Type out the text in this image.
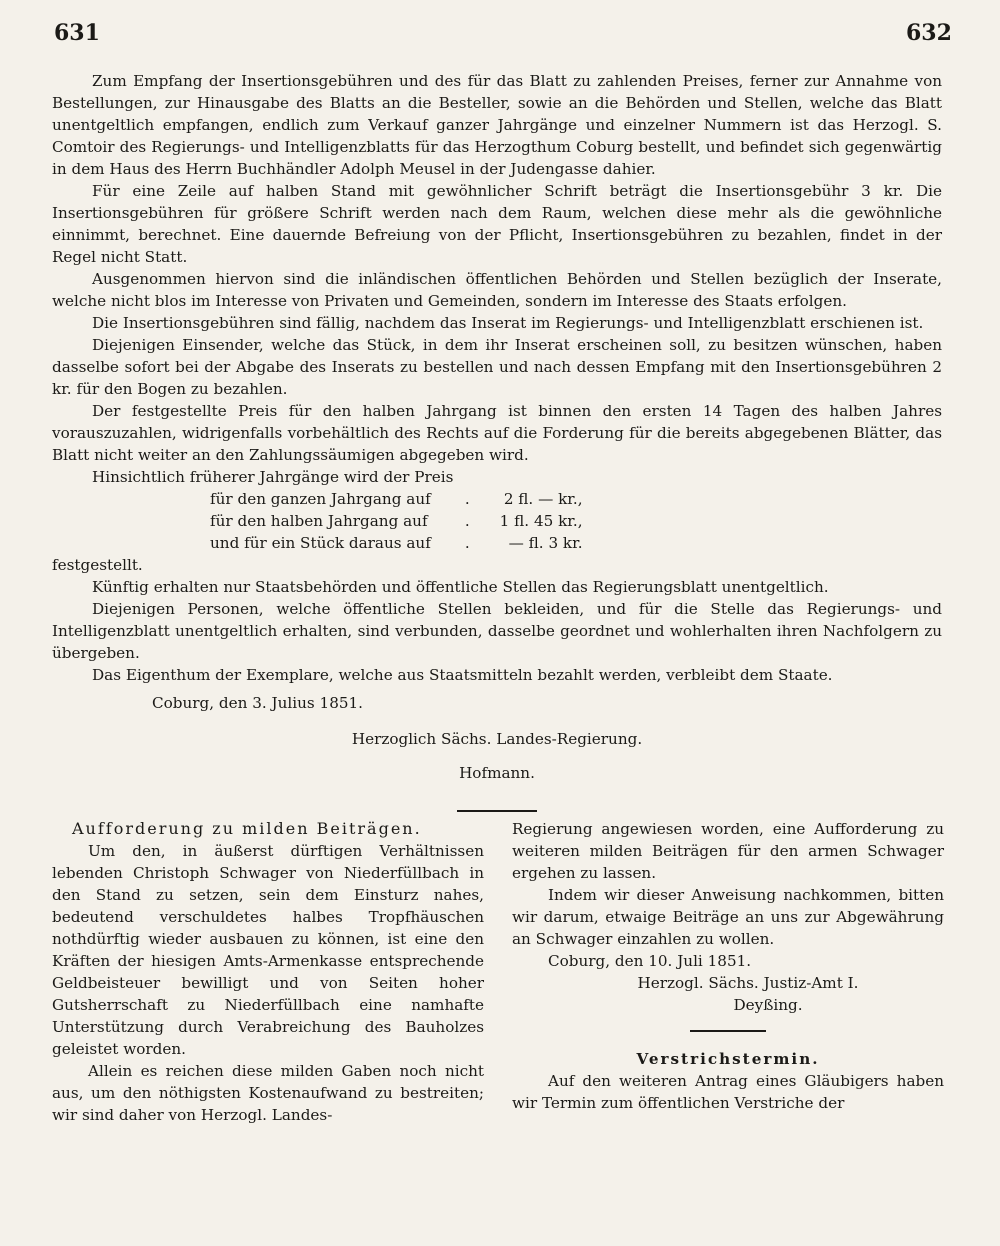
631	632

Zum Empfang der Insertionsgebühren und des für das Blatt zu zahlenden Preises, ferner zur Annahme von Bestellungen, zur Hinausgabe des Blatts an die Besteller, sowie an die Behörden und Stellen, welche das Blatt unentgeltlich empfangen, endlich zum Verkauf ganzer Jahrgänge und einzelner Nummern ist das Herzogl. S. Comtoir des Regierungs- und Intelligenzblatts für das Herzogthum Coburg bestellt, und befindet sich gegenwärtig in dem Haus des Herrn Buchhändler Adolph Meusel in der Judengasse dahier.

Für eine Zeile auf halben Stand mit gewöhnlicher Schrift beträgt die Insertionsgebühr 3 kr. Die Insertionsgebühren für größere Schrift werden nach dem Raum, welchen diese mehr als die gewöhnliche einnimmt, berechnet. Eine dauernde Befreiung von der Pflicht, Insertionsgebühren zu bezahlen, findet in der Regel nicht Statt.

Ausgenommen hiervon sind die inländischen öffentlichen Behörden und Stellen bezüglich der Inserate, welche nicht blos im Interesse von Privaten und Gemeinden, sondern im Interesse des Staats erfolgen.

Die Insertionsgebühren sind fällig, nachdem das Inserat im Regierungs- und Intelligenzblatt erschienen ist.

Diejenigen Einsender, welche das Stück, in dem ihr Inserat erscheinen soll, zu besitzen wünschen, haben dasselbe sofort bei der Abgabe des Inserats zu bestellen und nach dessen Empfang mit den Insertionsgebühren 2 kr. für den Bogen zu bezahlen.

Der festgestellte Preis für den halben Jahrgang ist binnen den ersten 14 Tagen des halben Jahres vorauszuzahlen, widrigenfalls vorbehältlich des Rechts auf die Forderung für die bereits abgegebenen Blätter, das Blatt nicht weiter an den Zahlungssäumigen abgegeben wird.

Hinsichtlich früherer Jahrgänge wird der Preis

für den ganzen Jahrgang auf	.	2 fl. — kr.,
für den halben Jahrgang auf	.	1 fl. 45 kr.,
und für ein Stück daraus auf	.	— fl. 3 kr.

festgestellt.

Künftig erhalten nur Staatsbehörden und öffentliche Stellen das Regierungsblatt unentgeltlich.

Diejenigen Personen, welche öffentliche Stellen bekleiden, und für die Stelle das Regierungs- und Intelligenzblatt unentgeltlich erhalten, sind verbunden, dasselbe geordnet und wohlerhalten ihren Nachfolgern zu übergeben.

Das Eigenthum der Exemplare, welche aus Staatsmitteln bezahlt werden, verbleibt dem Staate.

Coburg, den 3. Julius 1851.
Herzoglich Sächs. Landes-Regierung.
Hofmann.

Aufforderung zu milden Beiträgen.

Um den, in äußerst dürftigen Verhältnissen lebenden Christoph Schwager von Niederfüllbach in den Stand zu setzen, sein dem Einsturz nahes, bedeutend verschuldetes halbes Tropfhäuschen nothdürftig wieder ausbauen zu können, ist eine den Kräften der hiesigen Amts-Armenkasse entsprechende Geldbeisteuer bewilligt und von Seiten hoher Gutsherrschaft zu Niederfüllbach eine namhafte Unterstützung durch Verabreichung des Bauholzes geleistet worden.

Allein es reichen diese milden Gaben noch nicht aus, um den nöthigsten Kostenaufwand zu bestreiten; wir sind daher von Herzogl. Landes-

Regierung angewiesen worden, eine Aufforderung zu weiteren milden Beiträgen für den armen Schwager ergehen zu lassen.

Indem wir dieser Anweisung nachkommen, bitten wir darum, etwaige Beiträge an uns zur Abgewährung an Schwager einzahlen zu wollen.

Coburg, den 10. Juli 1851.

Herzogl. Sächs. Justiz-Amt I.

Deyßing.

Verstrichstermin.

Auf den weiteren Antrag eines Gläubigers haben wir Termin zum öffentlichen Verstriche der
